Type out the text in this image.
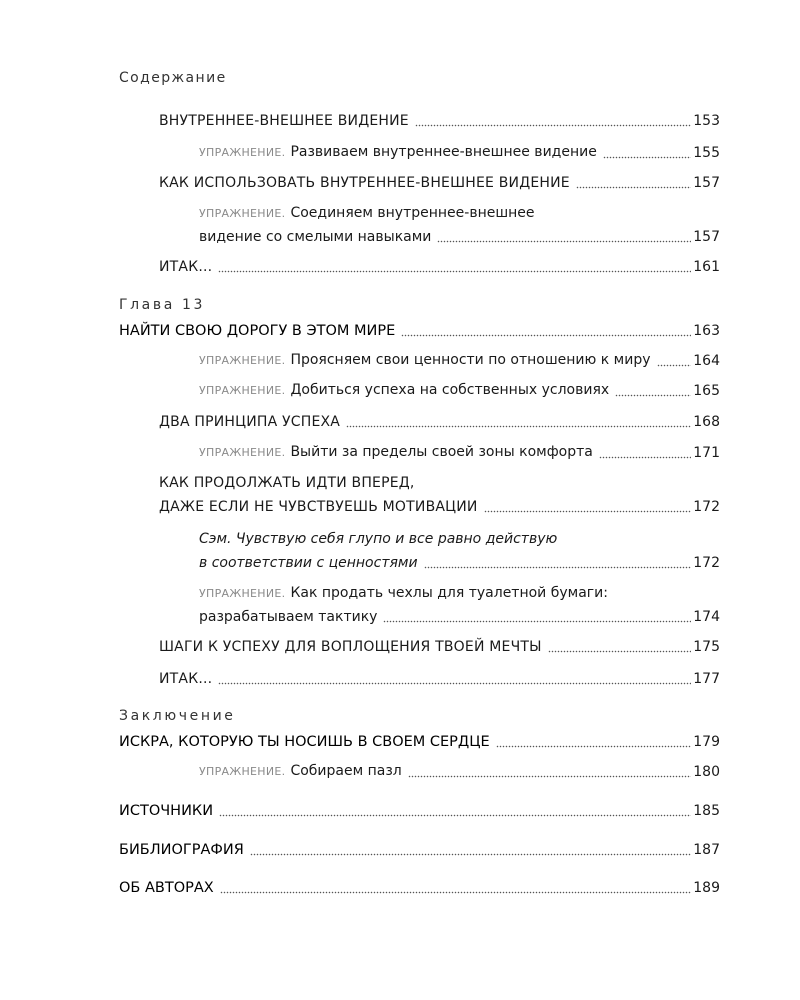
Содержание
ВНУТРЕННЕЕ-ВНЕШНЕЕ ВИДЕНИЕ	153
УПРАЖНЕНИЕ. Развиваем внутреннее-внешнее видение	155
КАК ИСПОЛЬЗОВАТЬ ВНУТРЕННЕЕ-ВНЕШНЕЕ ВИДЕНИЕ	157
УПРАЖНЕНИЕ. Соединяем внутреннее-внешнее
видение со смелыми навыками	157
ИТАК...	161
Глава 13
НАЙТИ СВОЮ ДОРОГУ В ЭТОМ МИРЕ	163
УПРАЖНЕНИЕ. Проясняем свои ценности по отношению к миру	164
УПРАЖНЕНИЕ. Добиться успеха на собственных условиях	165
ДВА ПРИНЦИПА УСПЕХА	168
УПРАЖНЕНИЕ. Выйти за пределы своей зоны комфорта	171
КАК ПРОДОЛЖАТЬ ИДТИ ВПЕРЕД,
ДАЖЕ ЕСЛИ НЕ ЧУВСТВУЕШЬ МОТИВАЦИИ	172
Сэм. Чувствую себя глупо и все равно действую
в соответствии с ценностями	172
УПРАЖНЕНИЕ. Как продать чехлы для туалетной бумаги:
разрабатываем тактику	174
ШАГИ К УСПЕХУ ДЛЯ ВОПЛОЩЕНИЯ ТВОЕЙ МЕЧТЫ	175
ИТАК...	177
Заключение
ИСКРА, КОТОРУЮ ТЫ НОСИШЬ В СВОЕМ СЕРДЦЕ	179
УПРАЖНЕНИЕ. Собираем пазл	180
ИСТОЧНИКИ	185
БИБЛИОГРАФИЯ	187
ОБ АВТОРАХ	189
